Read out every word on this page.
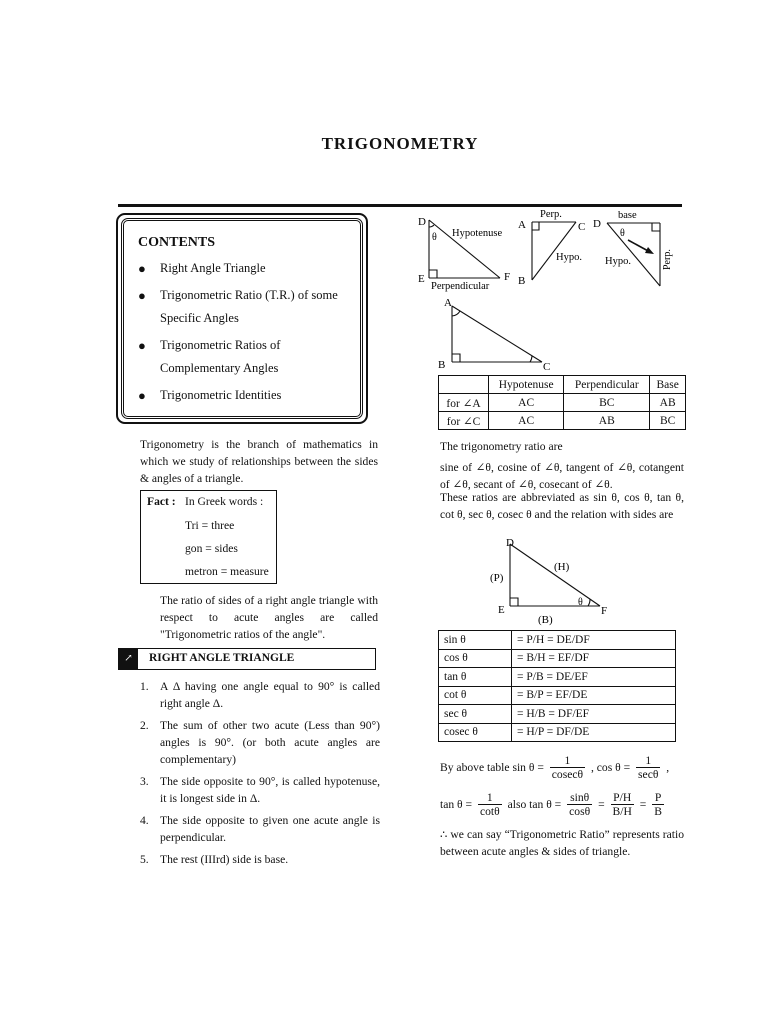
TRIGONOMETRY
CONTENTS
● Right Angle Triangle
● Trigonometric Ratio (T.R.) of some Specific Angles
● Trigonometric Ratios of Complementary Angles
● Trigonometric Identities
Trigonometry is the branch of mathematics in which we study of relationships between the sides & angles of a triangle.
Fact : In Greek words :
Tri = three
gon = sides
metron = measure
The ratio of sides of a right angle triangle with respect to acute angles are called "Trigonometric ratios of the angle".
↗	RIGHT ANGLE TRIANGLE
1. A Δ having one angle equal to 90° is called right angle Δ.
2. The sum of other two acute (Less than 90°) angles is 90°. (or both acute angles are complementary)
3. The side opposite to 90°, is called hypotenuse, it is longest side in Δ.
4. The side opposite to given one acute angle is perpendicular.
5. The rest (IIIrd) side is base.
D
E	F
θ Hypotenuse
Perpendicular
A
B
C
Perp.
Hypo.
D
θ
base
Hypo.	Perp.
A
B	C
	Hypotenuse	Perpendicular	Base
for ∠A	AC	BC	AB
for ∠C	AC	AB	BC
The trigonometry ratio are
sine of ∠θ, cosine of ∠θ, tangent of ∠θ, cotangent of ∠θ, secant of ∠θ, cosecant of ∠θ.
These ratios are abbreviated as sin θ, cos θ, tan θ, cot θ, sec θ, cosec θ and the relation with sides are
D
E	F
θ
(H)
(P)
(B)
sin θ	= P/H = DE/DF
cos θ	= B/H = EF/DF
tan θ	= P/B = DE/EF
cot θ	= B/P = EF/DE
sec θ	= H/B = DF/EF
cosec θ	= H/P = DF/DE
By above table $\sin \theta = \frac{1}{cosec\theta}$ , $\cos \theta = \frac{1}{\sec\theta}$ ,
$\tan \theta = \frac{1}{\cot\theta}$ also $\tan \theta = \frac{\sin\theta}{\cos\theta} = \frac{P/H}{B/H} = \frac{P}{B}$
∴ we can say “Trigonometric Ratio” represents ratio between acute angles & sides of triangle.
